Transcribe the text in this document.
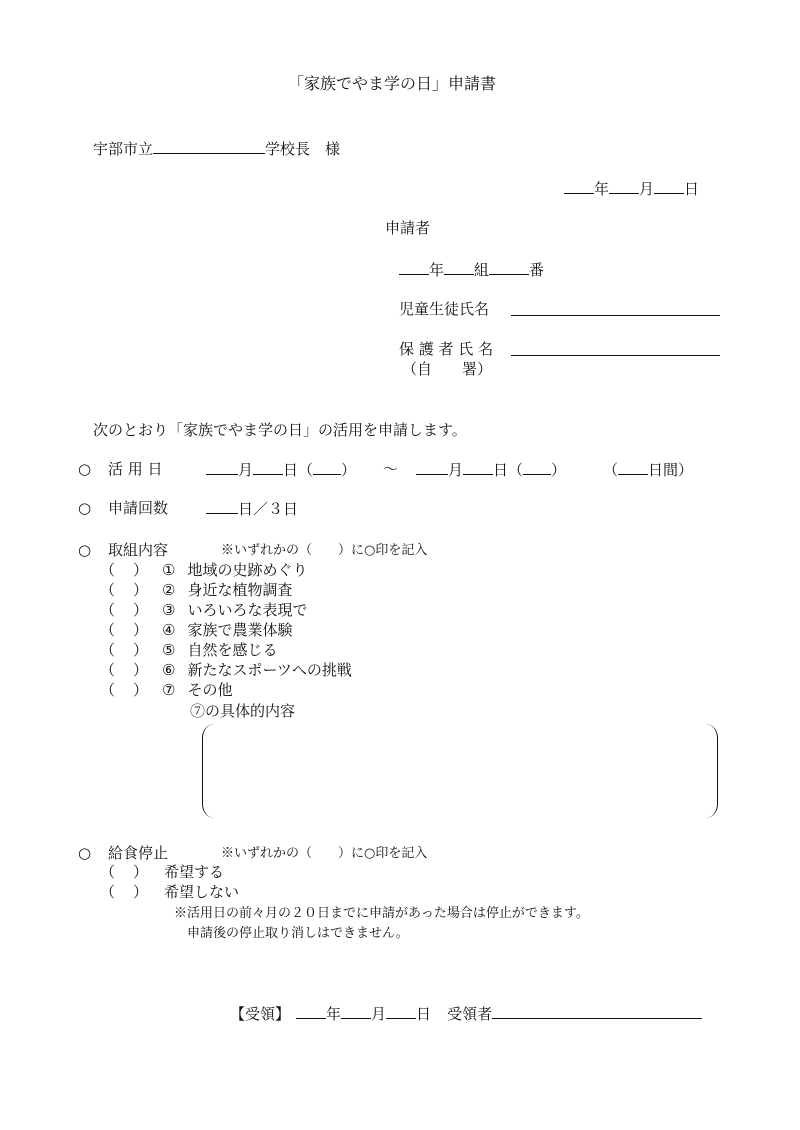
「家族でやま学の日」申請書
宇部市立	学校長　様
年 月 日
申請者
年 組	番
児童生徒氏名
保 護 者 氏 名
（自　　署）
次のとおり「家族でやま学の日」の活用を申請します。
○ 活 用 日	月 日（ ） ～	月 日（ ） （ 日間）
○ 申請回数	日／３日
○ 取組内容	※いずれかの（　　）に○印を記入
（ ） ① 地域の史跡めぐり
（ ） ② 身近な植物調査
（ ） ③ いろいろな表現で
（ ） ④ 家族で農業体験
（ ） ⑤ 自然を感じる
（ ） ⑥ 新たなスポーツへの挑戦
（ ） ⑦ その他
⑦の具体的内容
○ 給食停止	※いずれかの（　　）に○印を記入
（ ） 希望する
（ ） 希望しない
※活用日の前々月の２０日までに申請があった場合は停止ができます。
申請後の停止取り消しはできません。
【受領】 年 月 日 受領者
